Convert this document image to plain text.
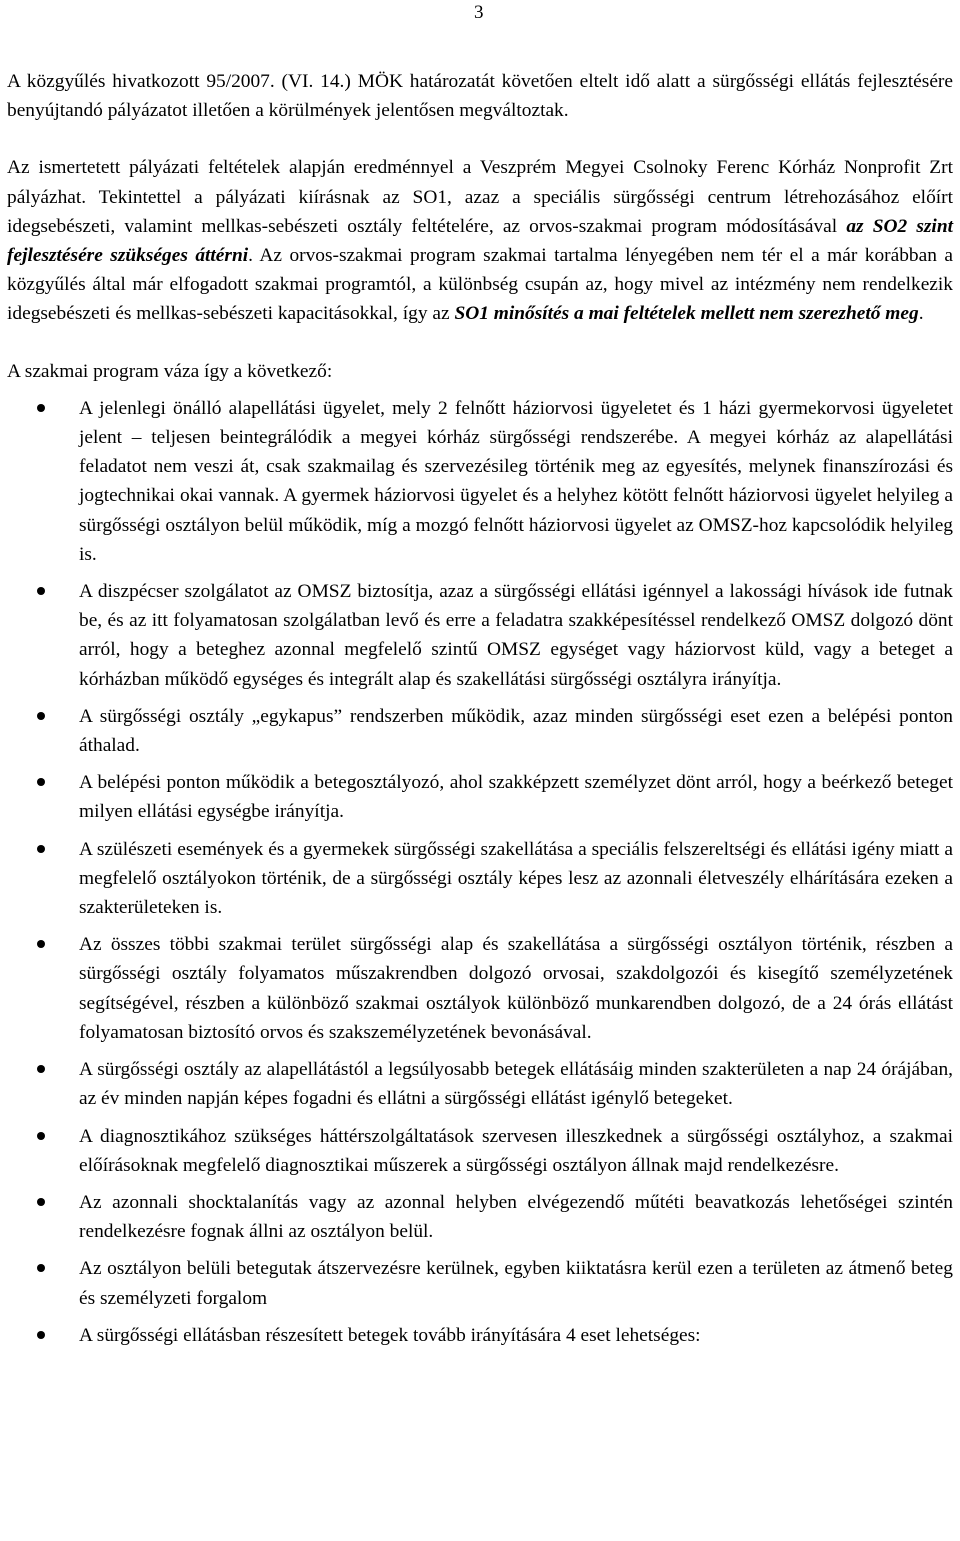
3

A közgyűlés hivatkozott 95/2007. (VI. 14.) MÖK határozatát követően eltelt idő alatt a sürgősségi ellátás fejlesztésére benyújtandó pályázatot illetően a körülmények jelentősen megváltoztak.

Az ismertetett pályázati feltételek alapján eredménnyel a Veszprém Megyei Csolnoky Ferenc Kórház Nonprofit Zrt pályázhat. Tekintettel a pályázati kiírásnak az SO1, azaz a speciális sürgősségi centrum létrehozásához előírt idegsebészeti, valamint mellkas-sebészeti osztály feltételére, az orvos-szakmai program módosításával az SO2 szint fejlesztésére szükséges áttérni. Az orvos-szakmai program szakmai tartalma lényegében nem tér el a már korábban a közgyűlés által már elfogadott szakmai programtól, a különbség csupán az, hogy mivel az intézmény nem rendelkezik idegsebészeti és mellkas-sebészeti kapacitásokkal, így az SO1 minősítés a mai feltételek mellett nem szerezhető meg.

A szakmai program váza így a következő:

A jelenlegi önálló alapellátási ügyelet, mely 2 felnőtt háziorvosi ügyeletet és 1 házi gyermekorvosi ügyeletet jelent – teljesen beintegrálódik a megyei kórház sürgősségi rendszerébe. A megyei kórház az alapellátási feladatot nem veszi át, csak szakmailag és szervezésileg történik meg az egyesítés, melynek finanszírozási és jogtechnikai okai vannak. A gyermek háziorvosi ügyelet és a helyhez kötött felnőtt háziorvosi ügyelet helyileg a sürgősségi osztályon belül működik, míg a mozgó felnőtt háziorvosi ügyelet az OMSZ-hoz kapcsolódik helyileg is.
A diszpécser szolgálatot az OMSZ biztosítja, azaz a sürgősségi ellátási igénnyel a lakossági hívások ide futnak be, és az itt folyamatosan szolgálatban levő és erre a feladatra szakképesítéssel rendelkező OMSZ dolgozó dönt arról, hogy a beteghez azonnal megfelelő szintű OMSZ egységet vagy háziorvost küld, vagy a beteget a kórházban működő egységes és integrált alap és szakellátási sürgősségi osztályra irányítja.
A sürgősségi osztály „egykapus” rendszerben működik, azaz minden sürgősségi eset ezen a belépési ponton áthalad.
A belépési ponton működik a betegosztályozó, ahol szakképzett személyzet dönt arról, hogy a beérkező beteget milyen ellátási egységbe irányítja.
A szülészeti események és a gyermekek sürgősségi szakellátása a speciális felszereltségi és ellátási igény miatt a megfelelő osztályokon történik, de a sürgősségi osztály képes lesz az azonnali életveszély elhárítására ezeken a szakterületeken is.
Az összes többi szakmai terület sürgősségi alap és szakellátása a sürgősségi osztályon történik, részben a sürgősségi osztály folyamatos műszakrendben dolgozó orvosai, szakdolgozói és kisegítő személyzetének segítségével, részben a különböző szakmai osztályok különböző munkarendben dolgozó, de a 24 órás ellátást folyamatosan biztosító orvos és szakszemélyzetének bevonásával.
A sürgősségi osztály az alapellátástól a legsúlyosabb betegek ellátásáig minden szakterületen a nap 24 órájában, az év minden napján képes fogadni és ellátni a sürgősségi ellátást igénylő betegeket.
A diagnosztikához szükséges háttérszolgáltatások szervesen illeszkednek a sürgősségi osztályhoz, a szakmai előírásoknak megfelelő diagnosztikai műszerek a sürgősségi osztályon állnak majd rendelkezésre.
Az azonnali shocktalanítás vagy az azonnal helyben elvégezendő műtéti beavatkozás lehetőségei szintén rendelkezésre fognak állni az osztályon belül.
Az osztályon belüli betegutak átszervezésre kerülnek, egyben kiiktatásra kerül ezen a területen az átmenő beteg és személyzeti forgalom
A sürgősségi ellátásban részesített betegek tovább irányítására 4 eset lehetséges:
